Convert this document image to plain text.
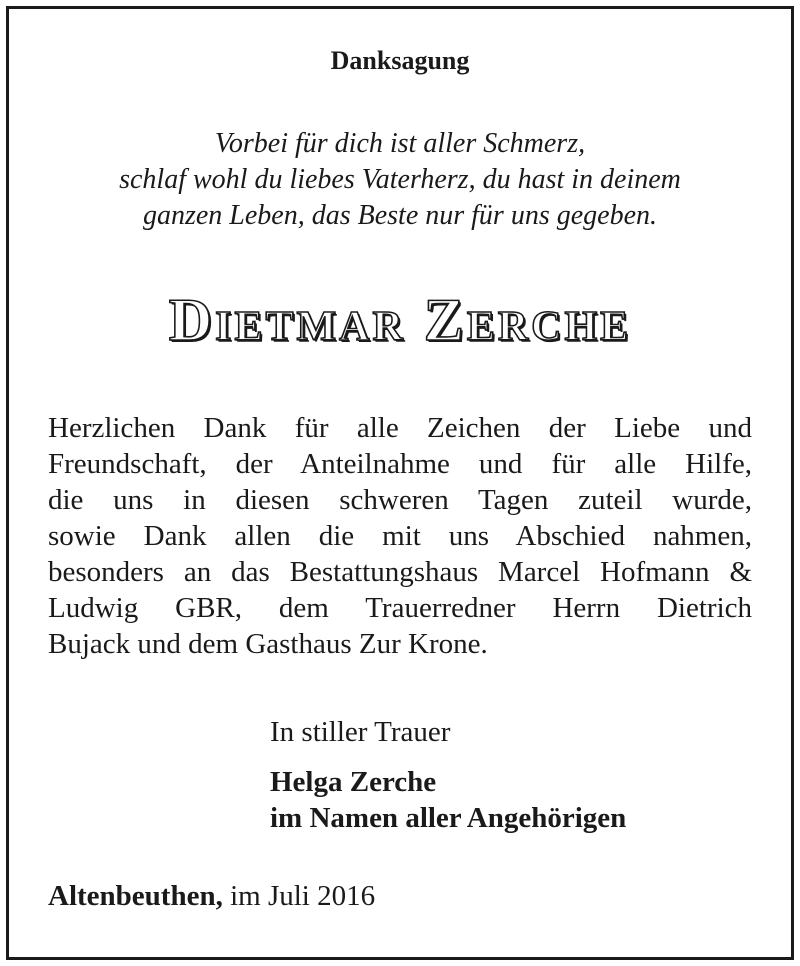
Danksagung
Vorbei für dich ist aller Schmerz,
schlaf wohl du liebes Vaterherz, du hast in deinem
ganzen Leben, das Beste nur für uns gegeben.
Dietmar Zerche
Herzlichen Dank für alle Zeichen der Liebe und
Freundschaft, der Anteilnahme und für alle Hilfe,
die uns in diesen schweren Tagen zuteil wurde,
sowie Dank allen die mit uns Abschied nahmen,
besonders an das Bestattungshaus Marcel Hofmann &
Ludwig GBR, dem Trauerredner Herrn Dietrich
Bujack und dem Gasthaus Zur Krone.
In stiller Trauer
Helga Zerche
im Namen aller Angehörigen
Altenbeuthen, im Juli 2016
